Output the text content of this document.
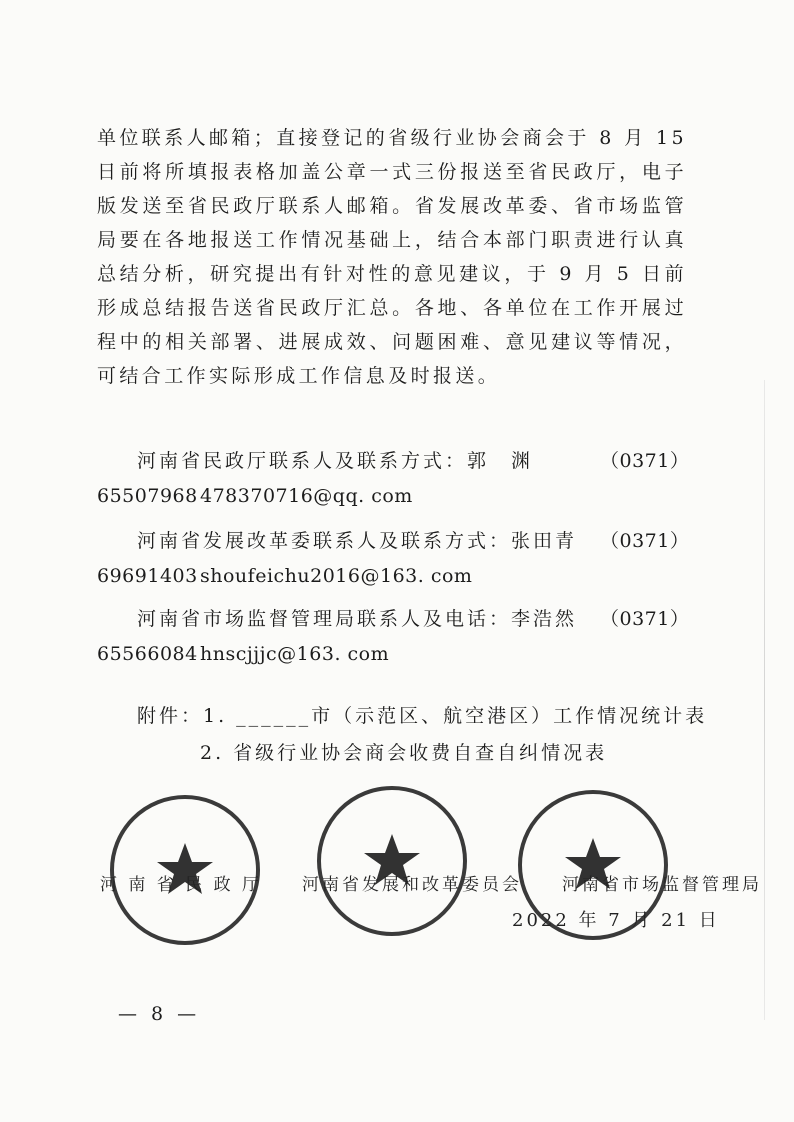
单位联系人邮箱；直接登记的省级行业协会商会于 8 月 15 日前将所填报表格加盖公章一式三份报送至省民政厅，电子版发送至省民政厅联系人邮箱。省发展改革委、省市场监管局要在各地报送工作情况基础上，结合本部门职责进行认真总结分析，研究提出有针对性的意见建议，于 9 月 5 日前形成总结报告送省民政厅汇总。各地、各单位在工作开展过程中的相关部署、进展成效、问题困难、意见建议等情况，可结合工作实际形成工作信息及时报送。

河南省民政厅联系人及联系方式：郭　渊	（0371）
65507968 478370716@qq. com
河南省发展改革委联系人及联系方式：张田青 （0371）
69691403 shoufeichu2016@163. com
河南省市场监督管理局联系人及电话：李浩然 （0371）
65566084 hnscjjjc@163. com
附件：1. ______市（示范区、航空港区）工作情况统计表
2. 省级行业协会商会收费自查自纠情况表
河 南 省 民 政 厅　　河南省发展和改革委员会　　河南省市场监督管理局
2022 年 7 月 21 日
— 8 —
